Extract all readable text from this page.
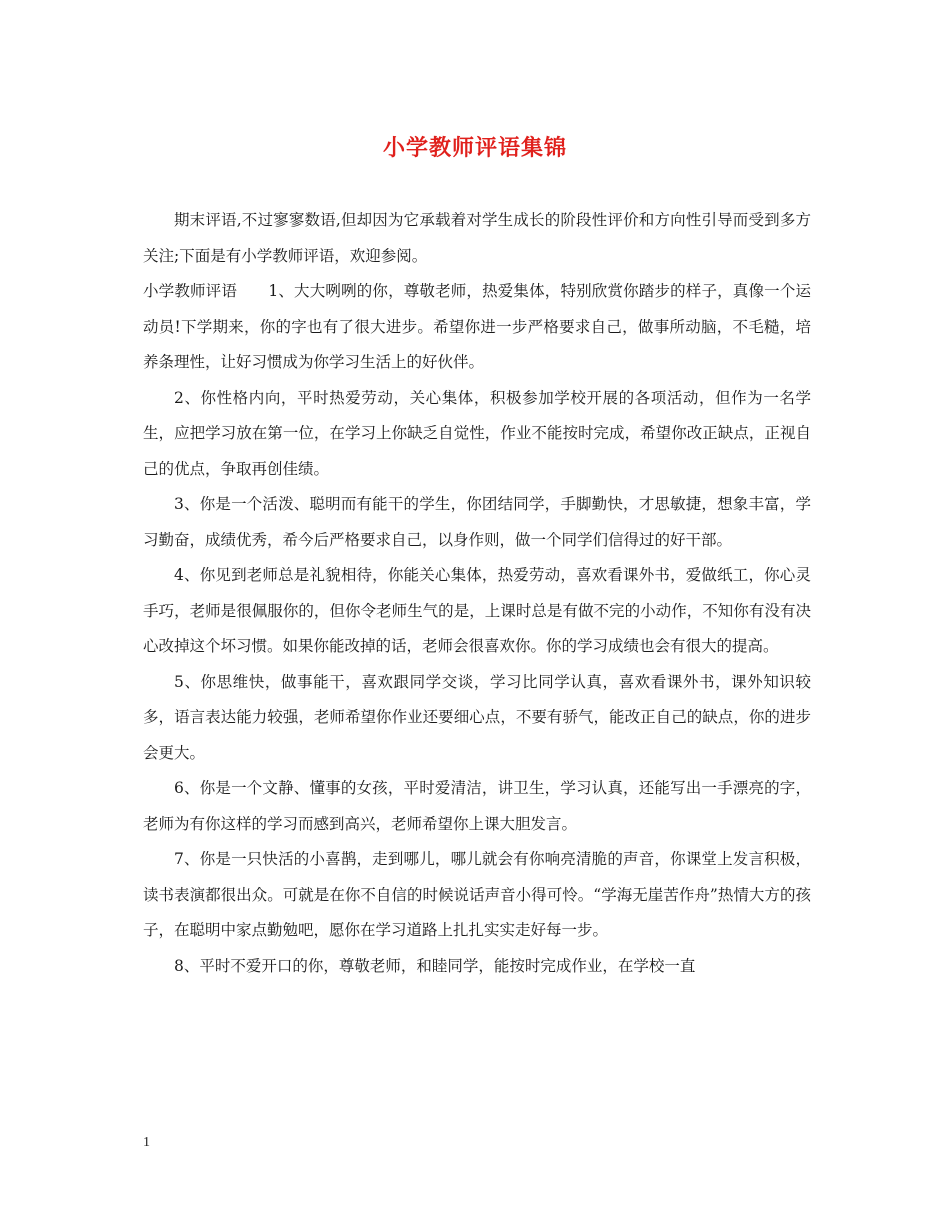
小学教师评语集锦

期末评语,不过寥寥数语,但却因为它承载着对学生成长的阶段性评价和方向性引导而受到多方关注;下面是有小学教师评语，欢迎参阅。

小学教师评语　　1、大大咧咧的你，尊敬老师，热爱集体，特别欣赏你踏步的样子，真像一个运动员!下学期来，你的字也有了很大进步。希望你进一步严格要求自己，做事所动脑，不毛糙，培养条理性，让好习惯成为你学习生活上的好伙伴。

2、你性格内向，平时热爱劳动，关心集体，积极参加学校开展的各项活动，但作为一名学生，应把学习放在第一位，在学习上你缺乏自觉性，作业不能按时完成，希望你改正缺点，正视自己的优点，争取再创佳绩。

3、你是一个活泼、聪明而有能干的学生，你团结同学，手脚勤快，才思敏捷，想象丰富，学习勤奋，成绩优秀，希今后严格要求自己，以身作则，做一个同学们信得过的好干部。

4、你见到老师总是礼貌相待，你能关心集体，热爱劳动，喜欢看课外书，爱做纸工，你心灵手巧，老师是很佩服你的，但你令老师生气的是，上课时总是有做不完的小动作，不知你有没有决心改掉这个坏习惯。如果你能改掉的话，老师会很喜欢你。你的学习成绩也会有很大的提高。

5、你思维快，做事能干，喜欢跟同学交谈，学习比同学认真，喜欢看课外书，课外知识较多，语言表达能力较强，老师希望你作业还要细心点，不要有骄气，能改正自己的缺点，你的进步会更大。

6、你是一个文静、懂事的女孩，平时爱清洁，讲卫生，学习认真，还能写出一手漂亮的字，老师为有你这样的学习而感到高兴，老师希望你上课大胆发言。

7、你是一只快活的小喜鹊，走到哪儿，哪儿就会有你响亮清脆的声音，你课堂上发言积极，读书表演都很出众。可就是在你不自信的时候说话声音小得可怜。“学海无崖苦作舟”热情大方的孩子，在聪明中家点勤勉吧，愿你在学习道路上扎扎实实走好每一步。

8、平时不爱开口的你，尊敬老师，和睦同学，能按时完成作业，在学校一直

1
